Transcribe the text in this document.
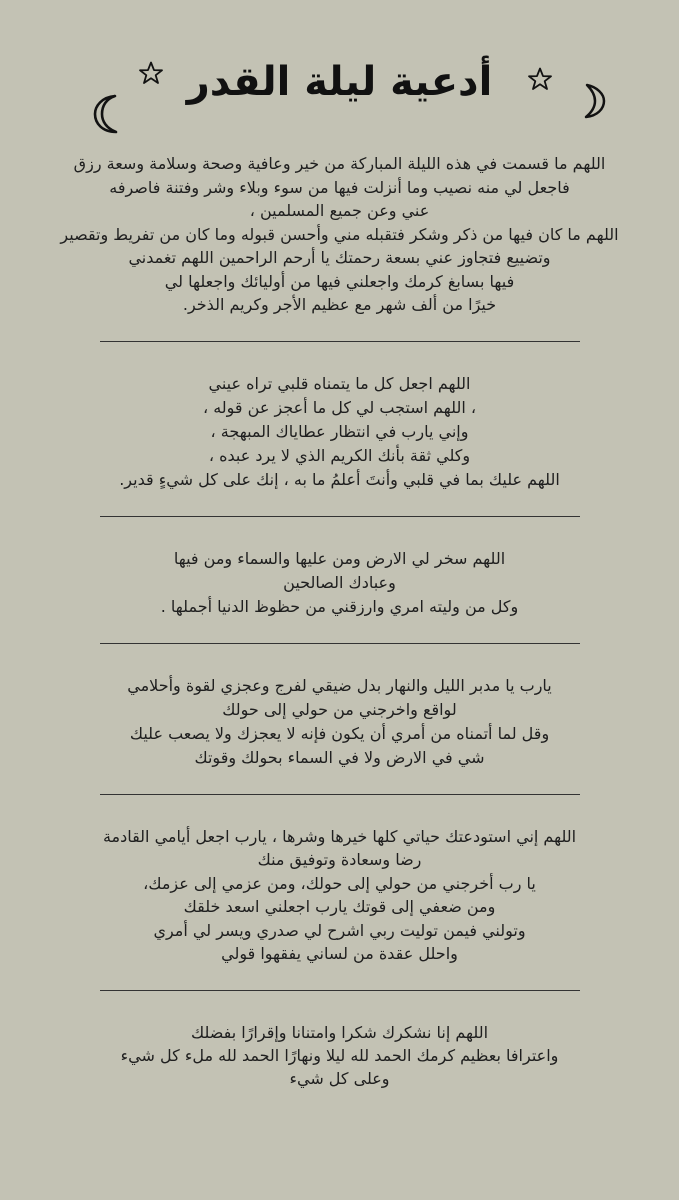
أدعية ليلة القدر

اللهم ما قسمت في هذه الليلة المباركة من خير وعافية وصحة وسلامة وسعة رزق

فاجعل لي منه نصيب وما أنزلت فيها من سوء وبلاء وشر وفتنة فاصرفه

عني وعن جميع المسلمين ،

اللهم ما كان فيها من ذكر وشكر فتقبله مني وأحسن قبوله وما كان من تفريط وتقصير

وتضييع فتجاوز عني بسعة رحمتك يا أرحم الراحمين اللهم تغمدني

فيها بسابغ كرمك واجعلني فيها من أوليائك واجعلها لي

خيرًا من ألف شهر مع عظيم الأجر وكريم الذخر.

اللهم اجعل كل ما يتمناه قلبي تراه عيني

، اللهم استجب لي كل ما أعجز عن قوله ،

وإني يارب في انتظار عطاياك المبهجة ،

وكلي ثقة بأنك الكريم الذي لا يرد عبده ،

اللهم عليك بما في قلبي وأنتَ أعلمُ ما به ، إنك على كل شيءٍ قدير.

اللهم سخر لي الارض ومن عليها والسماء ومن فيها

وعبادك الصالحين

وكل من وليته امري وارزقني من حظوظ الدنيا أجملها .

يارب يا مدبر الليل والنهار بدل ضيقي لفرج وعجزي لقوة وأحلامي

لواقع واخرجني من حولي إلى حولك

وقل لما أتمناه من أمري أن يكون فإنه لا يعجزك ولا يصعب عليك

شي في الارض ولا في السماء بحولك وقوتك

اللهم إني استودعتك حياتي كلها خيرها وشرها ، يارب اجعل أيامي القادمة

رضا وسعادة وتوفيق منك

يا رب أخرجني من حولي إلى حولك، ومن عزمي إلى عزمك،

ومن ضعفي إلى قوتك يارب اجعلني اسعد خلقك

وتولني فيمن توليت ربي اشرح لي صدري ويسر لي أمري

واحلل عقدة من لساني يفقهوا قولي

اللهم إنا نشكرك شكرا وامتنانا وإقرارًا بفضلك

واعترافا بعظيم كرمك الحمد لله ليلا ونهارًا الحمد لله ملء كل شيء

وعلى كل شيء
